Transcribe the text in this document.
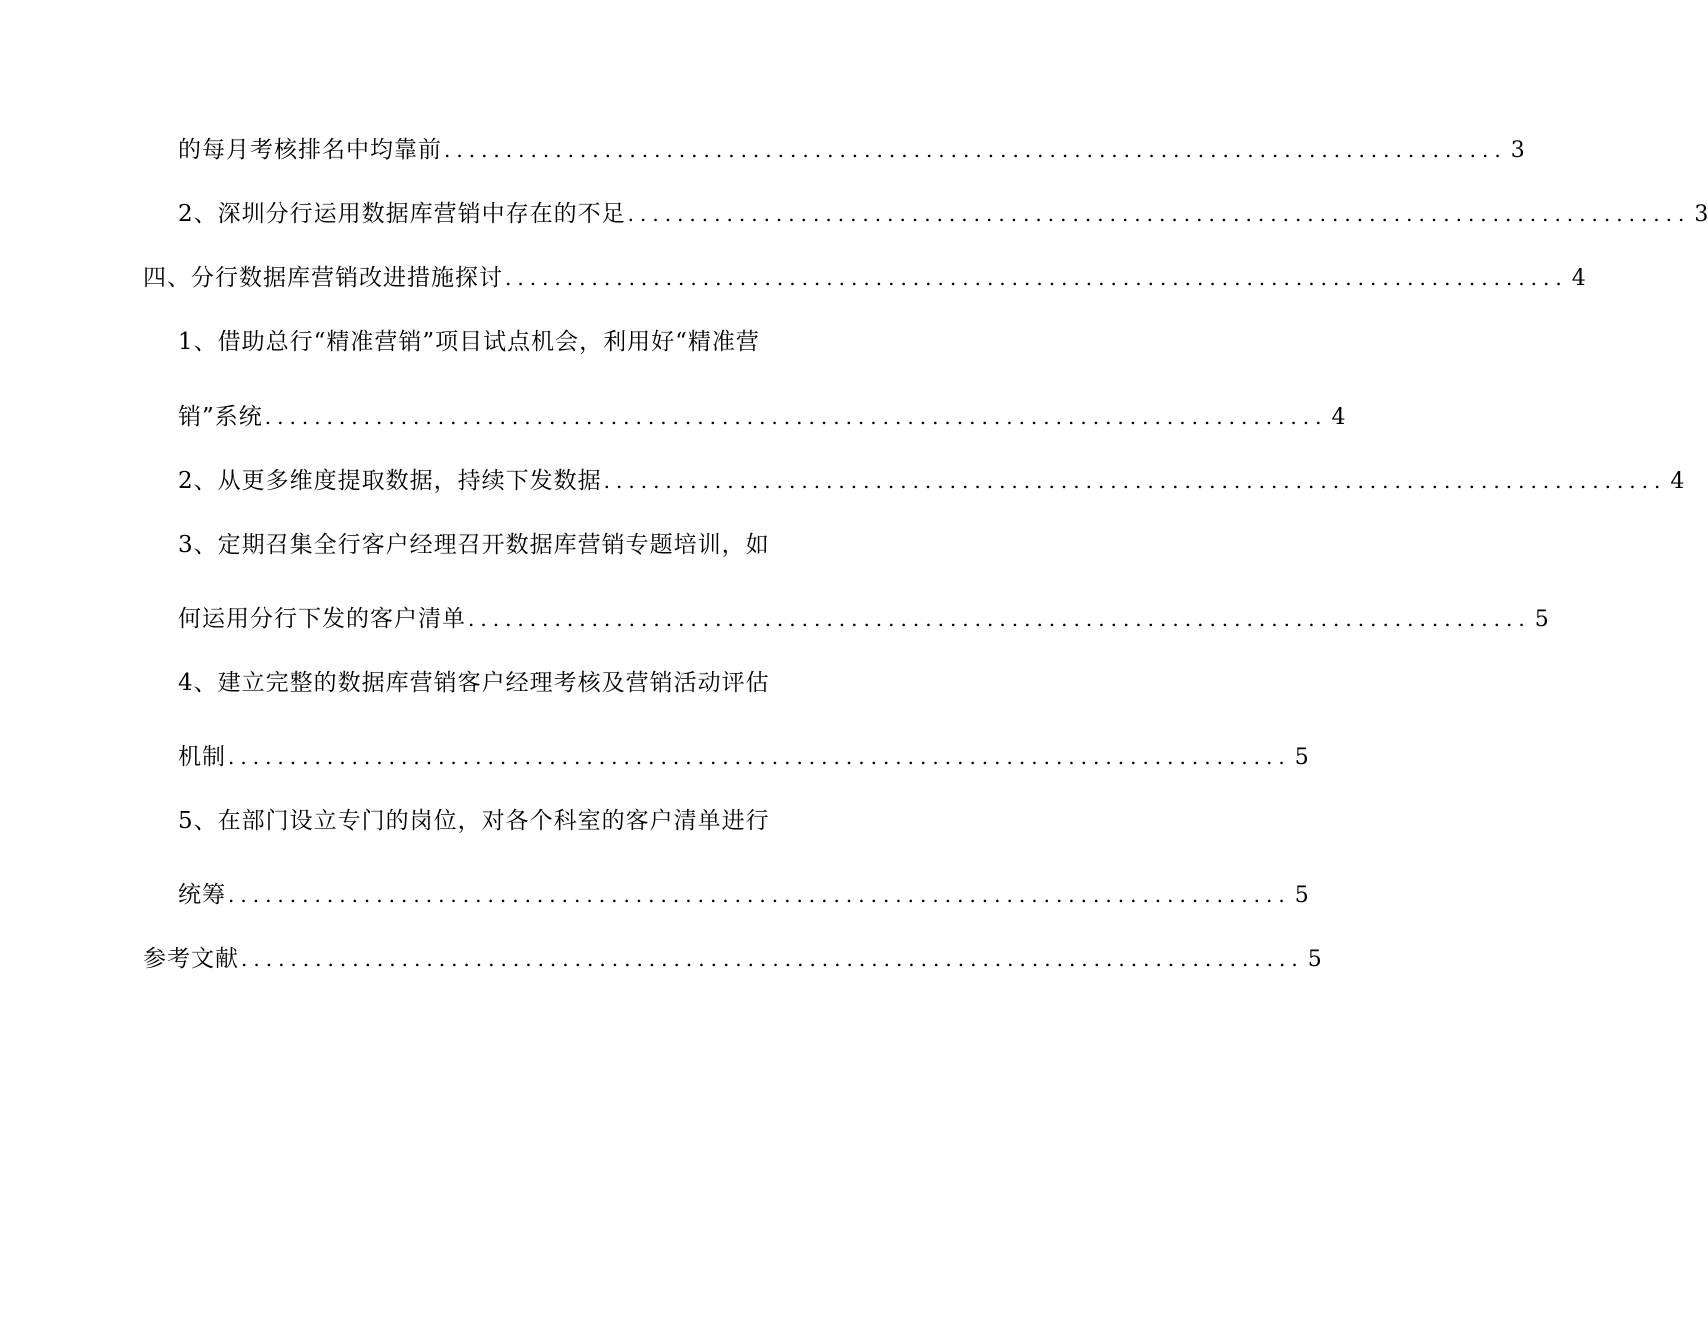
的每月考核排名中均靠前 ...................................................................................... 3
2、深圳分行运用数据库营销中存在的不足 ...................................................................................... 3
四、分行数据库营销改进措施探讨 ...................................................................................... 4
1、借助总行“精准营销”项目试点机会，利用好“精准营
销”系统 ...................................................................................... 4
2、从更多维度提取数据，持续下发数据 ...................................................................................... 4
3、定期召集全行客户经理召开数据库营销专题培训，如
何运用分行下发的客户清单 ...................................................................................... 5
4、建立完整的数据库营销客户经理考核及营销活动评估
机制 ...................................................................................... 5
5、在部门设立专门的岗位，对各个科室的客户清单进行
统筹 ...................................................................................... 5
参考文献 ...................................................................................... 5
